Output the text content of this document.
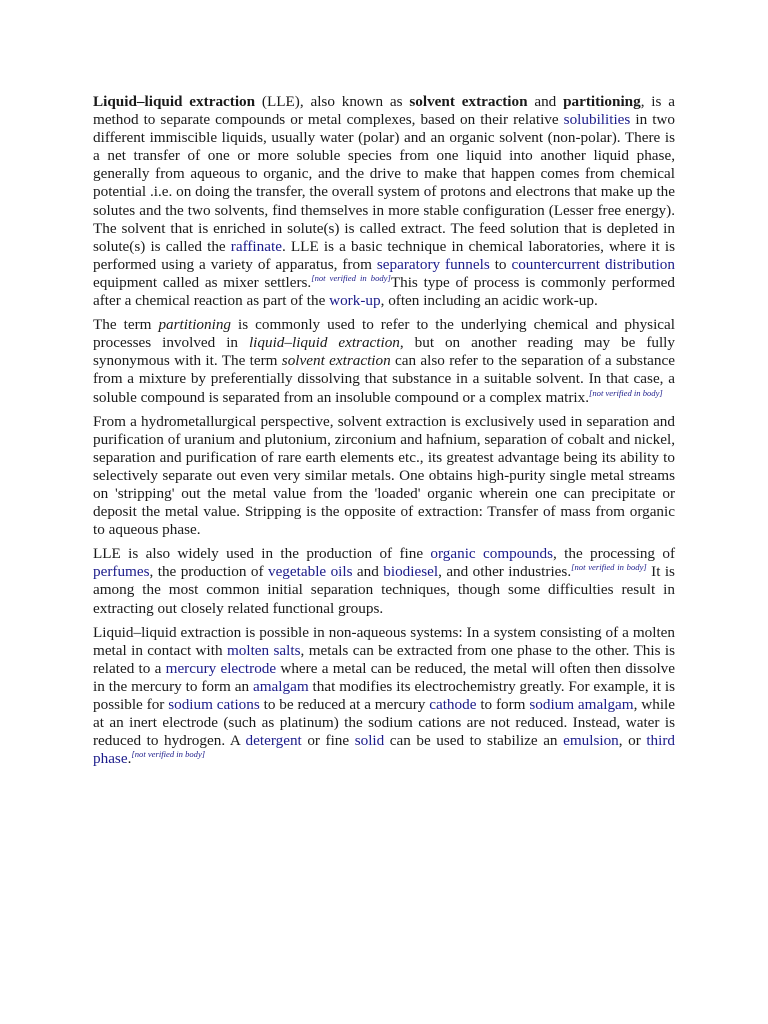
Liquid–liquid extraction (LLE), also known as solvent extraction and partitioning, is a method to separate compounds or metal complexes, based on their relative solubilities in two different immiscible liquids, usually water (polar) and an organic solvent (non-polar). There is a net transfer of one or more soluble species from one liquid into another liquid phase, generally from aqueous to organic, and the drive to make that happen comes from chemical potential .i.e. on doing the transfer, the overall system of protons and electrons that make up the solutes and the two solvents, find themselves in more stable configuration (Lesser free energy). The solvent that is enriched in solute(s) is called extract. The feed solution that is depleted in solute(s) is called the raffinate. LLE is a basic technique in chemical laboratories, where it is performed using a variety of apparatus, from separatory funnels to countercurrent distribution equipment called as mixer settlers.[not verified in body]This type of process is commonly performed after a chemical reaction as part of the work-up, often including an acidic work-up.

The term partitioning is commonly used to refer to the underlying chemical and physical processes involved in liquid–liquid extraction, but on another reading may be fully synonymous with it. The term solvent extraction can also refer to the separation of a substance from a mixture by preferentially dissolving that substance in a suitable solvent. In that case, a soluble compound is separated from an insoluble compound or a complex matrix.[not verified in body]

From a hydrometallurgical perspective, solvent extraction is exclusively used in separation and purification of uranium and plutonium, zirconium and hafnium, separation of cobalt and nickel, separation and purification of rare earth elements etc., its greatest advantage being its ability to selectively separate out even very similar metals. One obtains high-purity single metal streams on 'stripping' out the metal value from the 'loaded' organic wherein one can precipitate or deposit the metal value. Stripping is the opposite of extraction: Transfer of mass from organic to aqueous phase.

LLE is also widely used in the production of fine organic compounds, the processing of perfumes, the production of vegetable oils and biodiesel, and other industries.[not verified in body] It is among the most common initial separation techniques, though some difficulties result in extracting out closely related functional groups.

Liquid–liquid extraction is possible in non-aqueous systems: In a system consisting of a molten metal in contact with molten salts, metals can be extracted from one phase to the other. This is related to a mercury electrode where a metal can be reduced, the metal will often then dissolve in the mercury to form an amalgam that modifies its electrochemistry greatly. For example, it is possible for sodium cations to be reduced at a mercury cathode to form sodium amalgam, while at an inert electrode (such as platinum) the sodium cations are not reduced. Instead, water is reduced to hydrogen. A detergent or fine solid can be used to stabilize an emulsion, or third phase.[not verified in body]
